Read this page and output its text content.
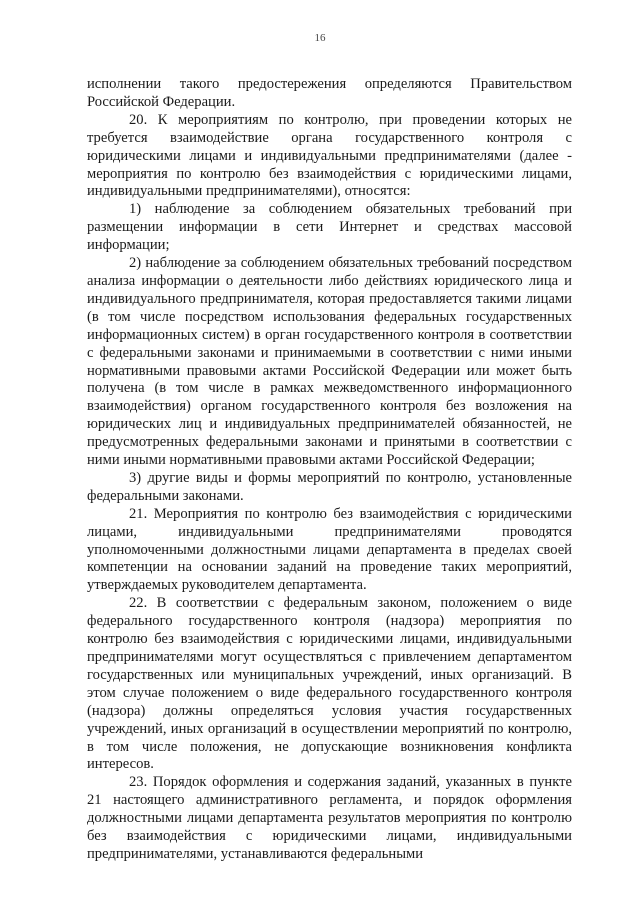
16

исполнении такого предостережения определяются Правительством Российской Федерации.

20. К мероприятиям по контролю, при проведении которых не требуется взаимодействие органа государственного контроля с юридическими лицами и индивидуальными предпринимателями (далее - мероприятия по контролю без взаимодействия с юридическими лицами, индивидуальными предпринимателями), относятся:

1) наблюдение за соблюдением обязательных требований при размещении информации в сети Интернет и средствах массовой информации;

2) наблюдение за соблюдением обязательных требований посредством анализа информации о деятельности либо действиях юридического лица и индивидуального предпринимателя, которая предоставляется такими лицами (в том числе посредством использования федеральных государственных информационных систем) в орган государственного контроля в соответствии с федеральными законами и принимаемыми в соответствии с ними иными нормативными правовыми актами Российской Федерации или может быть получена (в том числе в рамках межведомственного информационного взаимодействия) органом государственного контроля без возложения на юридических лиц и индивидуальных предпринимателей обязанностей, не предусмотренных федеральными законами и принятыми в соответствии с ними иными нормативными правовыми актами Российской Федерации;

3) другие виды и формы мероприятий по контролю, установленные федеральными законами.

21. Мероприятия по контролю без взаимодействия с юридическими лицами, индивидуальными предпринимателями проводятся уполномоченными должностными лицами департамента в пределах своей компетенции на основании заданий на проведение таких мероприятий, утверждаемых руководителем департамента.

22. В соответствии с федеральным законом, положением о виде федерального государственного контроля (надзора) мероприятия по контролю без взаимодействия с юридическими лицами, индивидуальными предпринимателями могут осуществляться с привлечением департаментом государственных или муниципальных учреждений, иных организаций. В этом случае положением о виде федерального государственного контроля (надзора) должны определяться условия участия государственных учреждений, иных организаций в осуществлении мероприятий по контролю, в том числе положения, не допускающие возникновения конфликта интересов.

23. Порядок оформления и содержания заданий, указанных в пункте 21 настоящего административного регламента, и порядок оформления должностными лицами департамента результатов мероприятия по контролю без взаимодействия с юридическими лицами, индивидуальными предпринимателями, устанавливаются федеральными
